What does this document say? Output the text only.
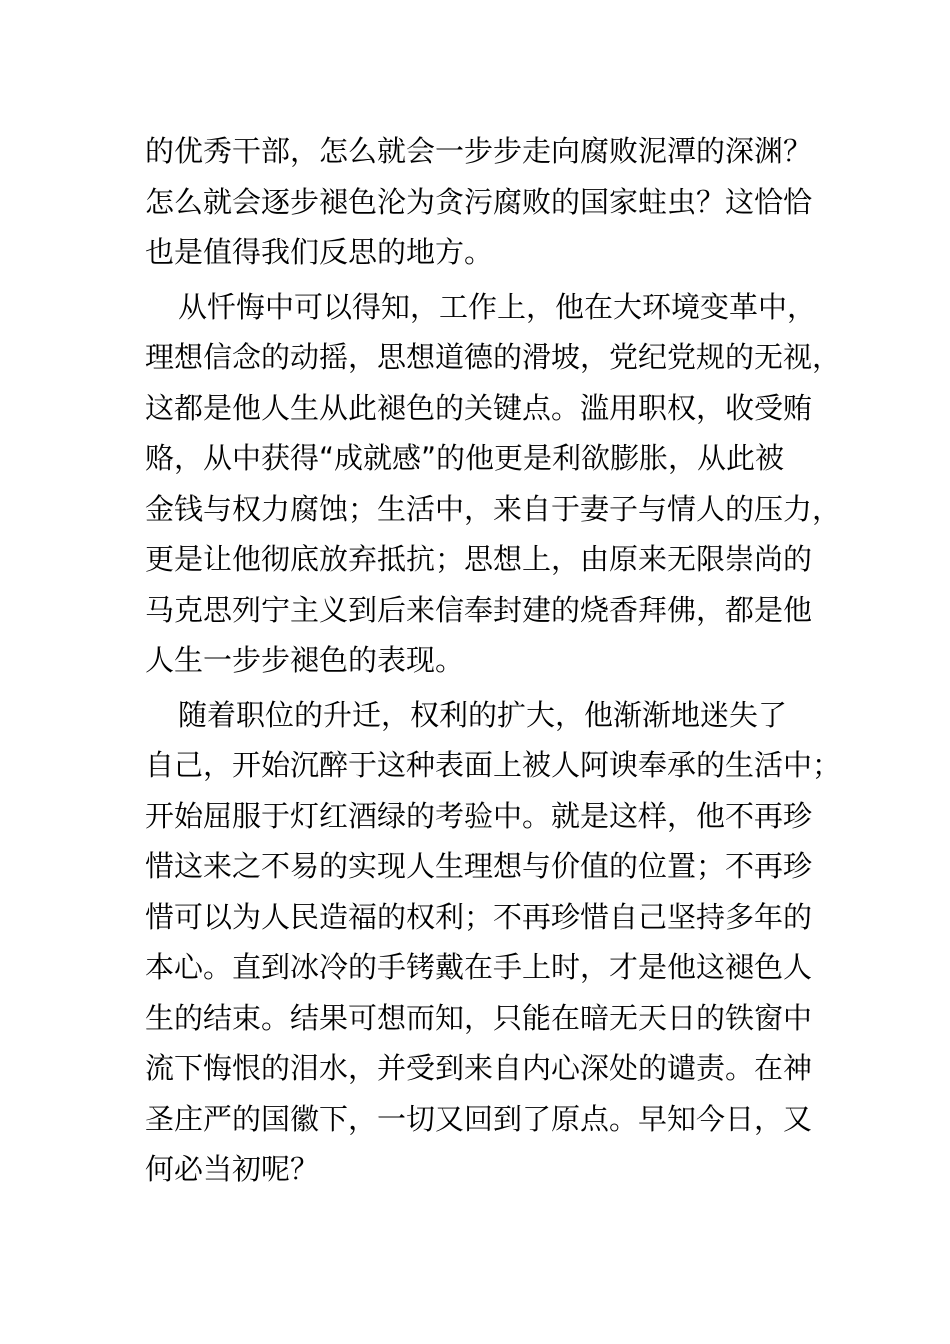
的优秀干部，怎么就会一步步走向腐败泥潭的深渊？
怎么就会逐步褪色沦为贪污腐败的国家蛀虫？这恰恰
也是值得我们反思的地方。
从忏悔中可以得知，工作上，他在大环境变革中，
理想信念的动摇，思想道德的滑坡，党纪党规的无视，
这都是他人生从此褪色的关键点。滥用职权，收受贿
赂，从中获得“成就感”的他更是利欲膨胀，从此被
金钱与权力腐蚀；生活中，来自于妻子与情人的压力，
更是让他彻底放弃抵抗；思想上，由原来无限崇尚的
马克思列宁主义到后来信奉封建的烧香拜佛，都是他
人生一步步褪色的表现。
随着职位的升迁，权利的扩大，他渐渐地迷失了
自己，开始沉醉于这种表面上被人阿谀奉承的生活中；
开始屈服于灯红酒绿的考验中。就是这样，他不再珍
惜这来之不易的实现人生理想与价值的位置；不再珍
惜可以为人民造福的权利；不再珍惜自己坚持多年的
本心。直到冰冷的手铐戴在手上时，才是他这褪色人
生的结束。结果可想而知，只能在暗无天日的铁窗中
流下悔恨的泪水，并受到来自内心深处的谴责。在神
圣庄严的国徽下，一切又回到了原点。早知今日，又
何必当初呢？
